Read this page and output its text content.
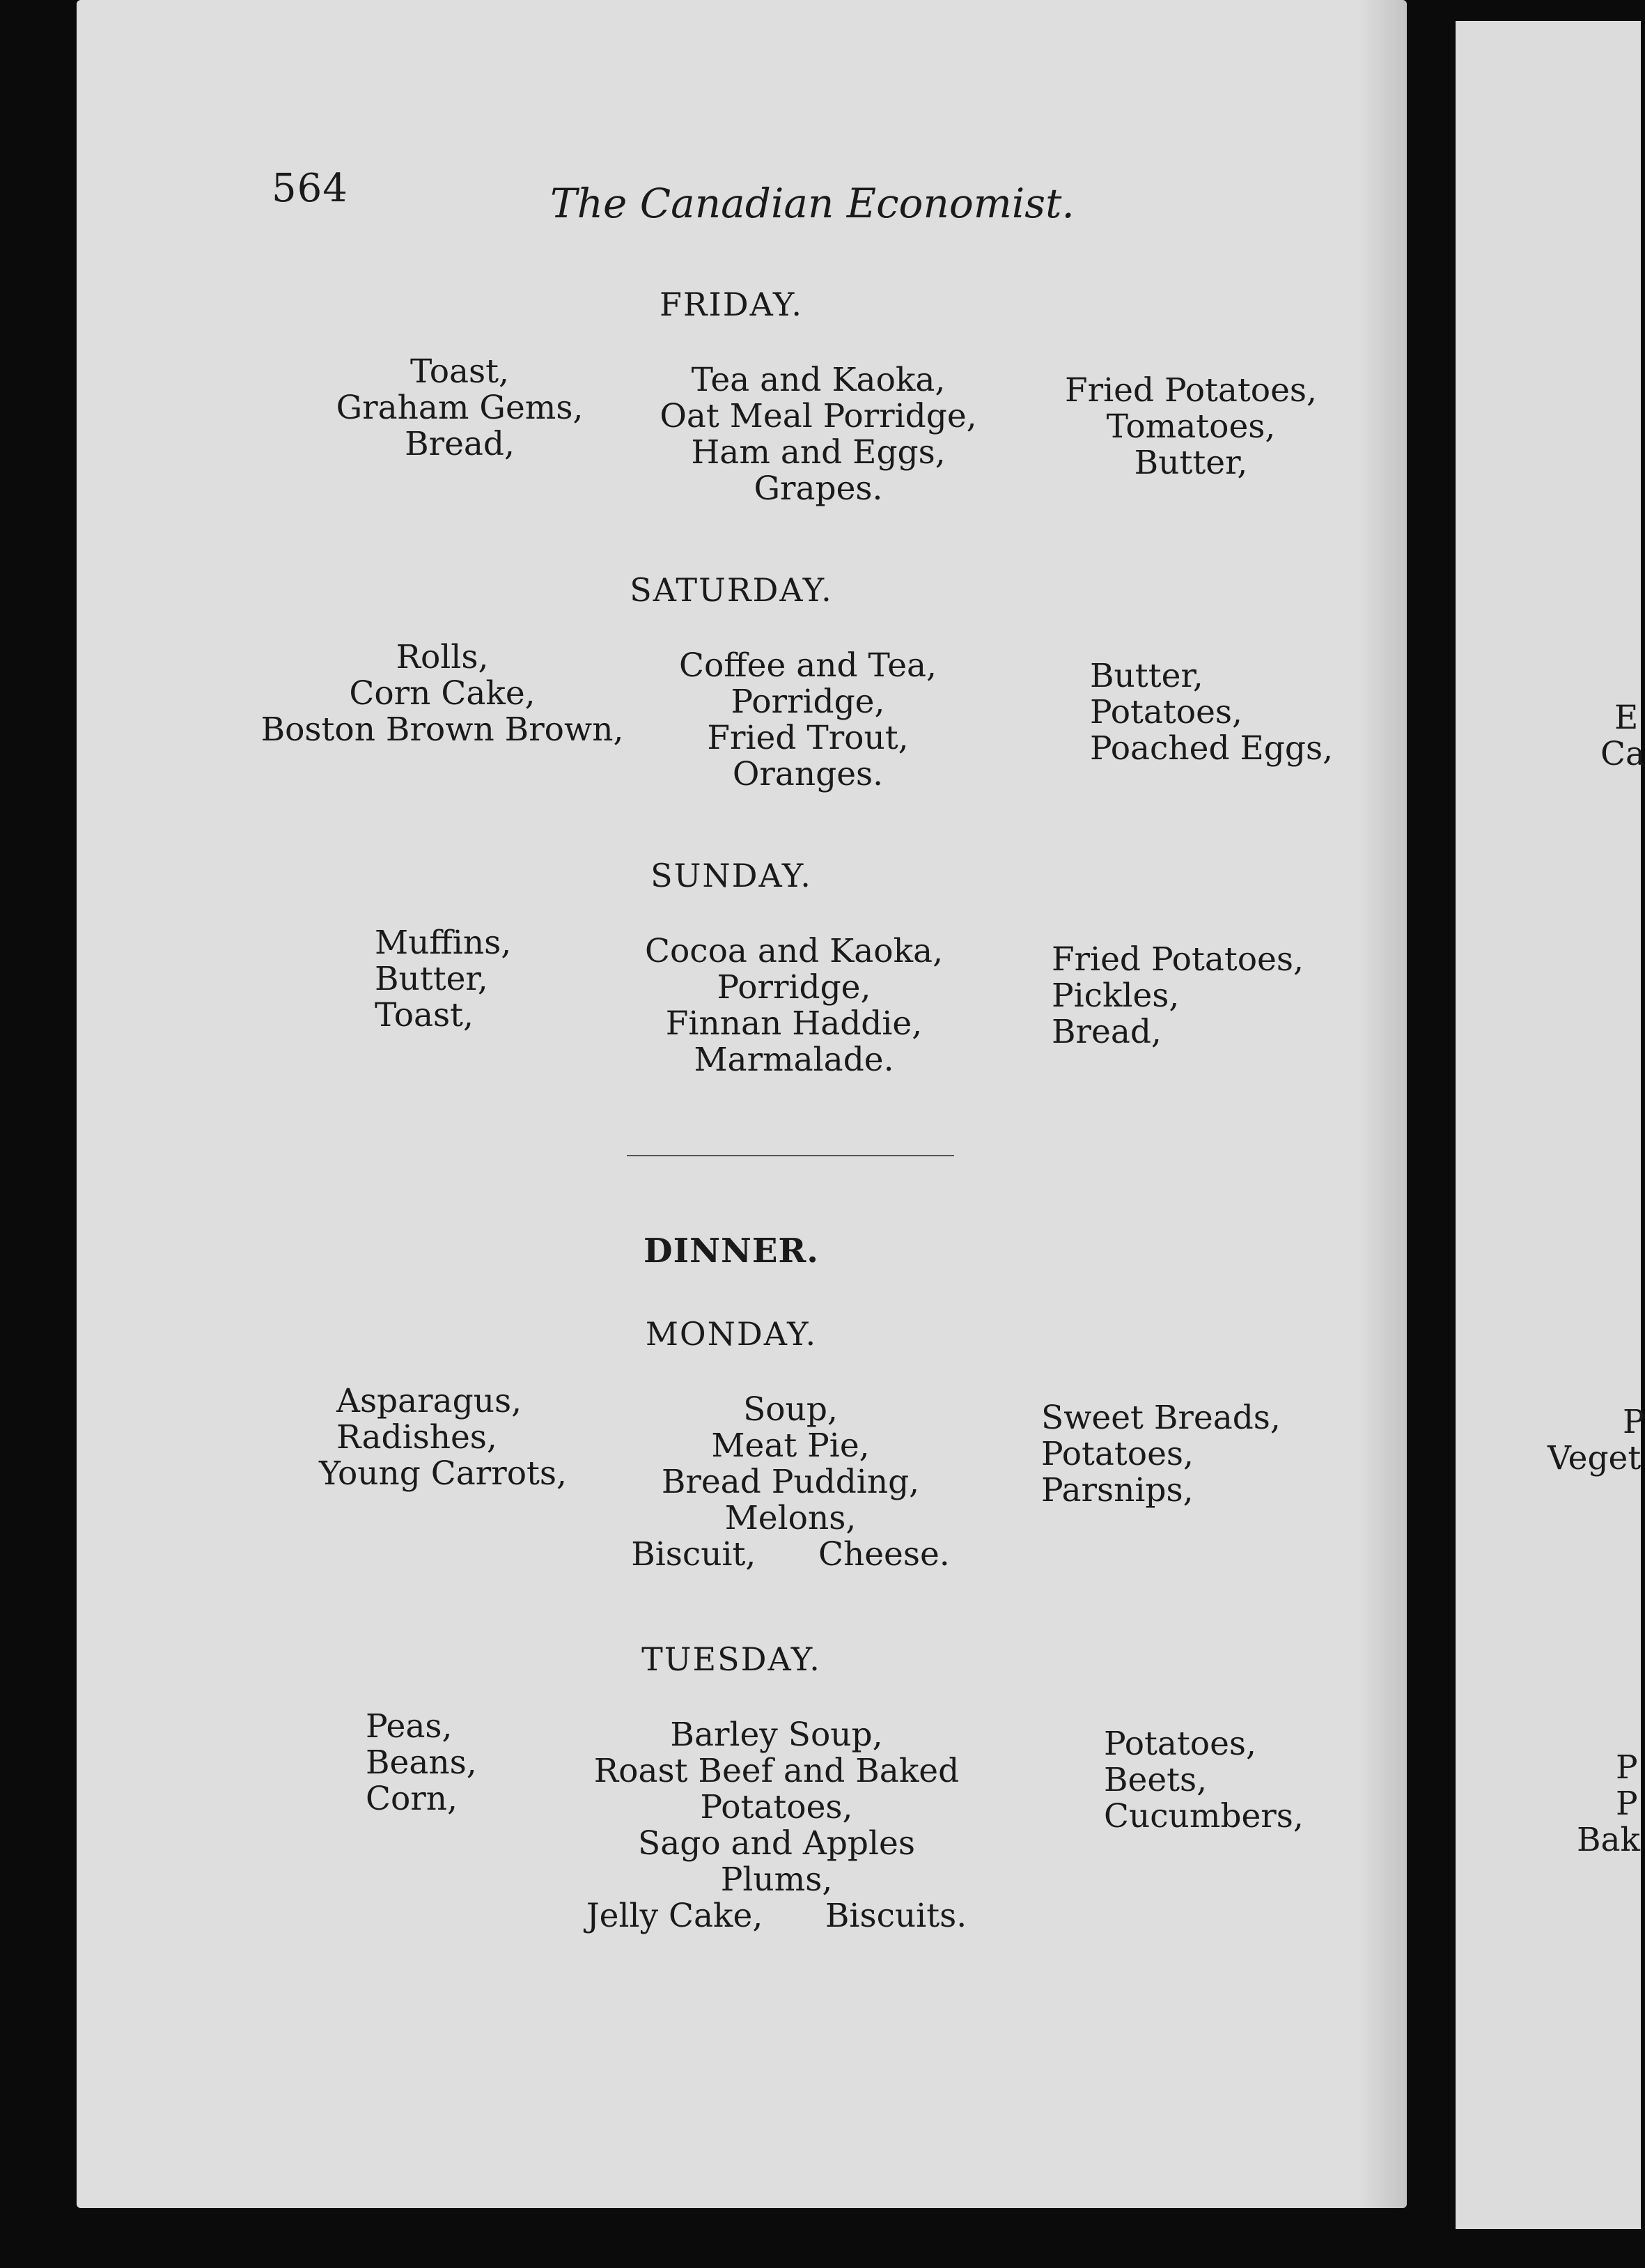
564	The Canadian Economist.
FRIDAY.
Toast,
Graham Gems,
Bread,
Tea and Kaoka,
Oat Meal Porridge,
Ham and Eggs,
Grapes.
Fried Potatoes,
Tomatoes,
Butter,
SATURDAY.
Rolls,
Corn Cake,
Boston Brown Brown,
Coffee and Tea,
Porridge,
Fried Trout,
Oranges.
Butter,
Potatoes,
Poached Eggs,
SUNDAY.
Muffins,
Butter,
Toast,
Cocoa and Kaoka,
Porridge,
Finnan Haddie,
Marmalade.
Fried Potatoes,
Pickles,
Bread,
DINNER.
MONDAY.
Asparagus,
Radishes,
Young Carrots,
Soup,
Meat Pie,
Bread Pudding,
Melons,
Biscuit,      Cheese.
Sweet Breads,
Potatoes,
Parsnips,
TUESDAY.
Peas,
Beans,
Corn,
Barley Soup,
Roast Beef and Baked
Potatoes,
Sago and Apples
Plums,
Jelly Cake,      Biscuits.
Potatoes,
Beets,
Cucumbers,
E
Ca
P
Veget
P
P
Bak
